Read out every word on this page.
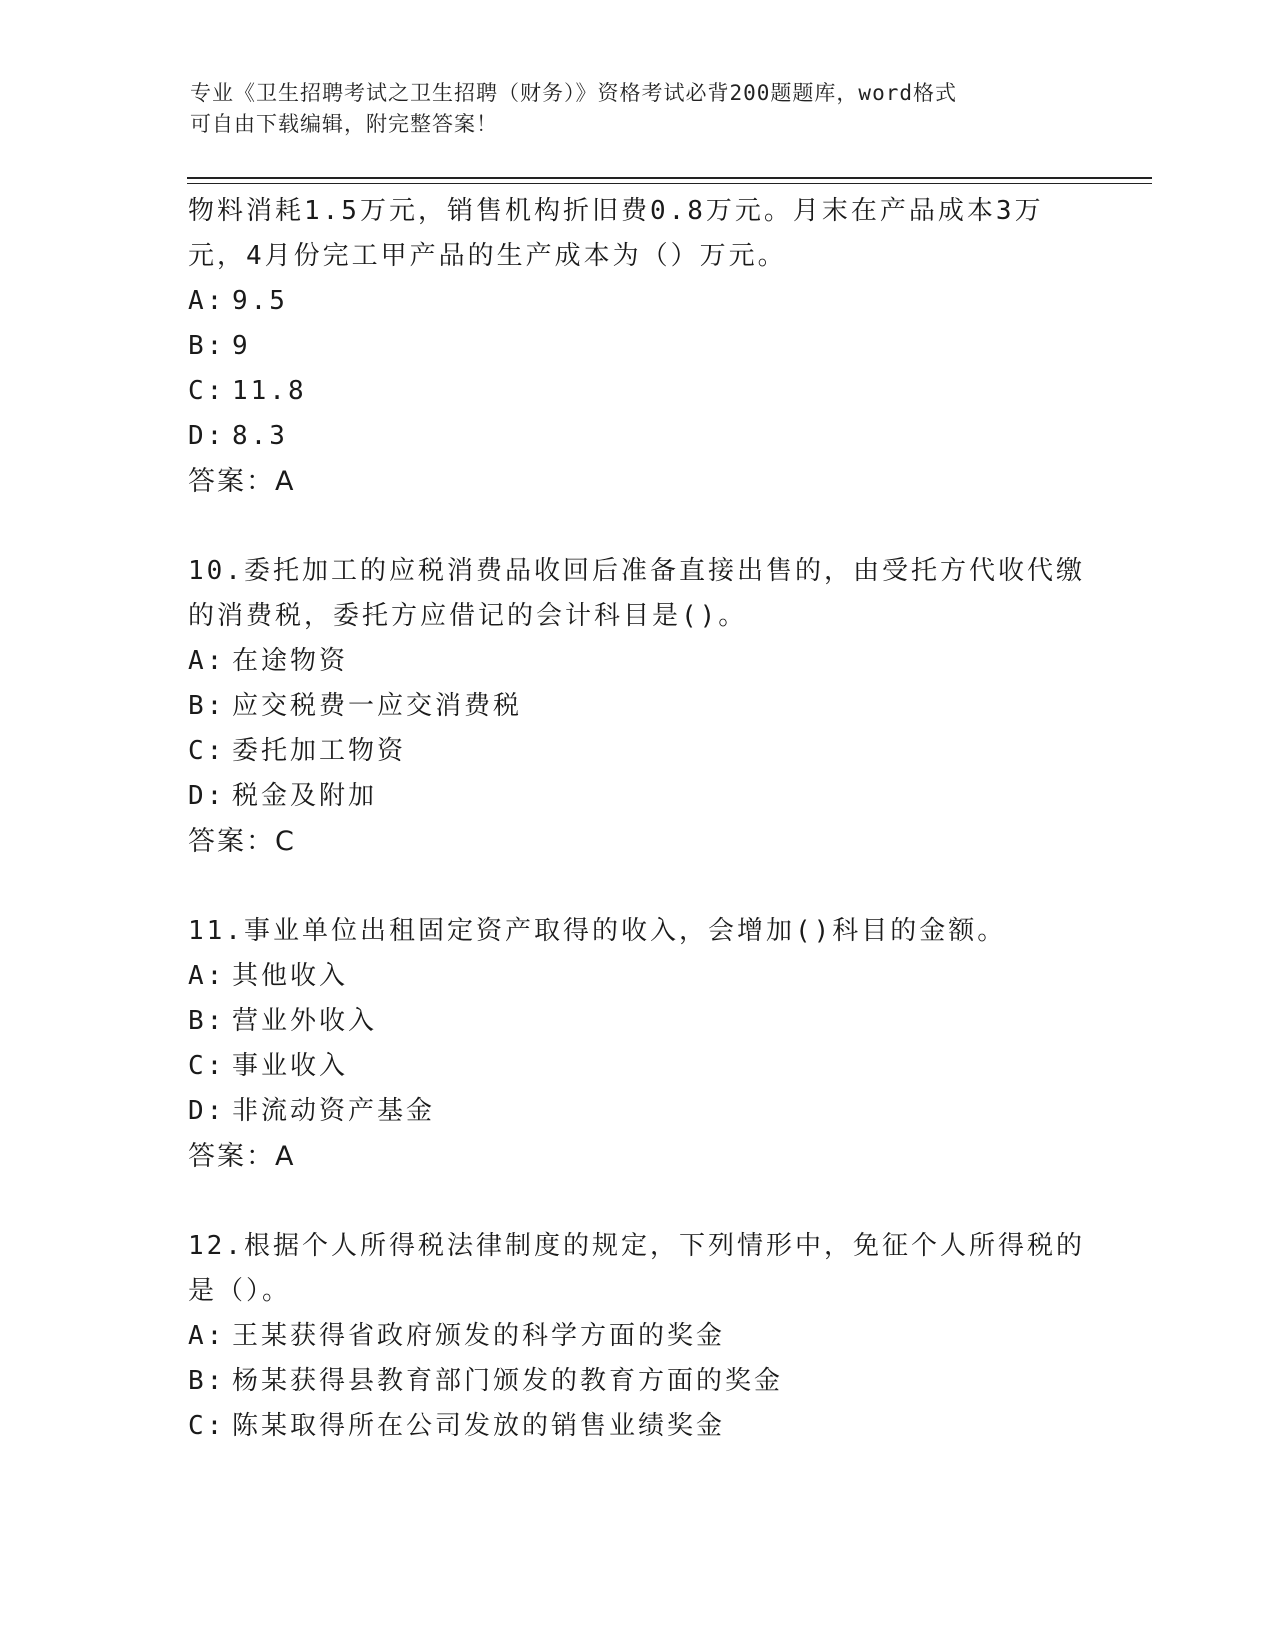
专业《卫生招聘考试之卫生招聘（财务）》资格考试必背200题题库，word格式
可自由下载编辑，附完整答案！
物料消耗1.5万元，销售机构折旧费0.8万元。月末在产品成本3万
元，4月份完工甲产品的生产成本为（）万元。
A: 9.5
B: 9
C: 11.8
D: 8.3
答案：A
10.委托加工的应税消费品收回后准备直接出售的，由受托方代收代缴
的消费税，委托方应借记的会计科目是()。
A: 在途物资
B: 应交税费一应交消费税
C: 委托加工物资
D: 税金及附加
答案：C
11.事业单位出租固定资产取得的收入，会增加()科目的金额。
A: 其他收入
B: 营业外收入
C: 事业收入
D: 非流动资产基金
答案：A
12.根据个人所得税法律制度的规定，下列情形中，免征个人所得税的
是（）。
A: 王某获得省政府颁发的科学方面的奖金
B: 杨某获得县教育部门颁发的教育方面的奖金
C: 陈某取得所在公司发放的销售业绩奖金
